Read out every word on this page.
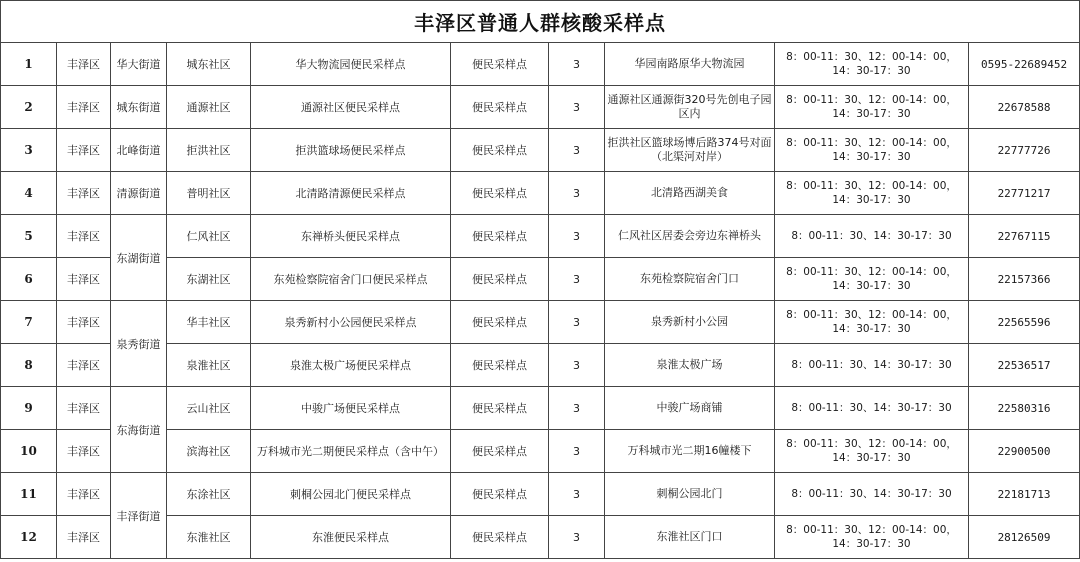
丰泽区普通人群核酸采样点									
1	丰泽区	华大街道	城东社区	华大物流园便民采样点	便民采样点	3	华园南路原华大物流园	8：00-11：30、12：00-14：00，14：30-17：30	0595-22689452
2	丰泽区	城东街道	通源社区	通源社区便民采样点	便民采样点	3	通源社区通源街320号先创电子园区内	8：00-11：30、12：00-14：00，14：30-17：30	22678588
3	丰泽区	北峰街道	拒洪社区	拒洪篮球场便民采样点	便民采样点	3	拒洪社区篮球场博后路374号对面（北渠河对岸）	8：00-11：30、12：00-14：00，14：30-17：30	22777726
4	丰泽区	清源街道	普明社区	北清路清源便民采样点	便民采样点	3	北清路西湖美食	8：00-11：30、12：00-14：00，14：30-17：30	22771217
5	丰泽区	东湖街道	仁风社区	东禅桥头便民采样点	便民采样点	3	仁风社区居委会旁边东禅桥头	8：00-11：30、14：30-17：30	22767115
6	丰泽区		东湖社区	东苑检察院宿舍门口便民采样点	便民采样点	3	东苑检察院宿舍门口	8：00-11：30、12：00-14：00，14：30-17：30	22157366
7	丰泽区	泉秀街道	华丰社区	泉秀新村小公园便民采样点	便民采样点	3	泉秀新村小公园	8：00-11：30、12：00-14：00，14：30-17：30	22565596
8	丰泽区		泉淮社区	泉淮太极广场便民采样点	便民采样点	3	泉淮太极广场	8：00-11：30、14：30-17：30	22536517
9	丰泽区	东海街道	云山社区	中骏广场便民采样点	便民采样点	3	中骏广场商铺	8：00-11：30、14：30-17：30	22580316
10	丰泽区		滨海社区	万科城市光二期便民采样点（含中午）	便民采样点	3	万科城市光二期16幢楼下	8：00-11：30、12：00-14：00，14：30-17：30	22900500
11	丰泽区	丰泽街道	东涂社区	刺桐公园北门便民采样点	便民采样点	3	刺桐公园北门	8：00-11：30、14：30-17：30	22181713
12	丰泽区		东淮社区	东淮便民采样点	便民采样点	3	东淮社区门口	8：00-11：30、12：00-14：00，14：30-17：30	28126509
